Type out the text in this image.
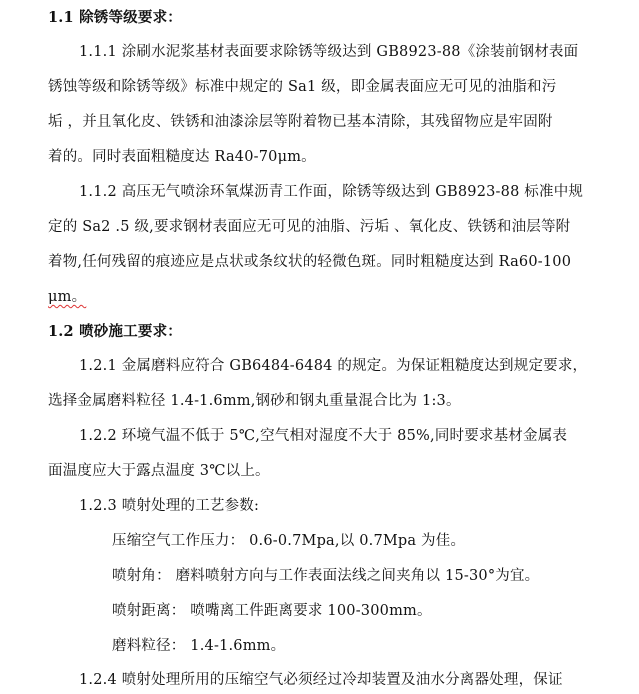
1.1 除锈等级要求：
1.1.1 涂刷水泥浆基材表面要求除锈等级达到 GB8923-88《涂装前钢材表面
锈蚀等级和除锈等级》标准中规定的 Sa1 级，即金属表面应无可见的油脂和污
垢 ，并且氧化皮、铁锈和油漆涂层等附着物已基本清除，其残留物应是牢固附
着的。同时表面粗糙度达 Ra40-70μm。
1.1.2 高压无气喷涂环氧煤沥青工作面，除锈等级达到 GB8923-88 标准中规
定的 Sa2 .5 级,要求钢材表面应无可见的油脂、污垢 、氧化皮、铁锈和油层等附
着物,任何残留的痕迹应是点状或条纹状的轻微色斑。同时粗糙度达到 Ra60-100
μm。
1.2 喷砂施工要求：
1.2.1 金属磨料应符合 GB6484-6484 的规定。为保证粗糙度达到规定要求，
选择金属磨料粒径 1.4-1.6mm,钢砂和钢丸重量混合比为 1:3。
1.2.2 环境气温不低于 5℃,空气相对湿度不大于 85%,同时要求基材金属表
面温度应大于露点温度 3℃以上。
1.2.3 喷射处理的工艺参数:
压缩空气工作压力： 0.6-0.7Mpa,以 0.7Mpa 为佳。
喷射角： 磨料喷射方向与工作表面法线之间夹角以 15-30°为宜。
喷射距离： 喷嘴离工件距离要求 100-300mm。
磨料粒径： 1.4-1.6mm。
1.2.4 喷射处理所用的压缩空气必须经过冷却装置及油水分离器处理，保证
